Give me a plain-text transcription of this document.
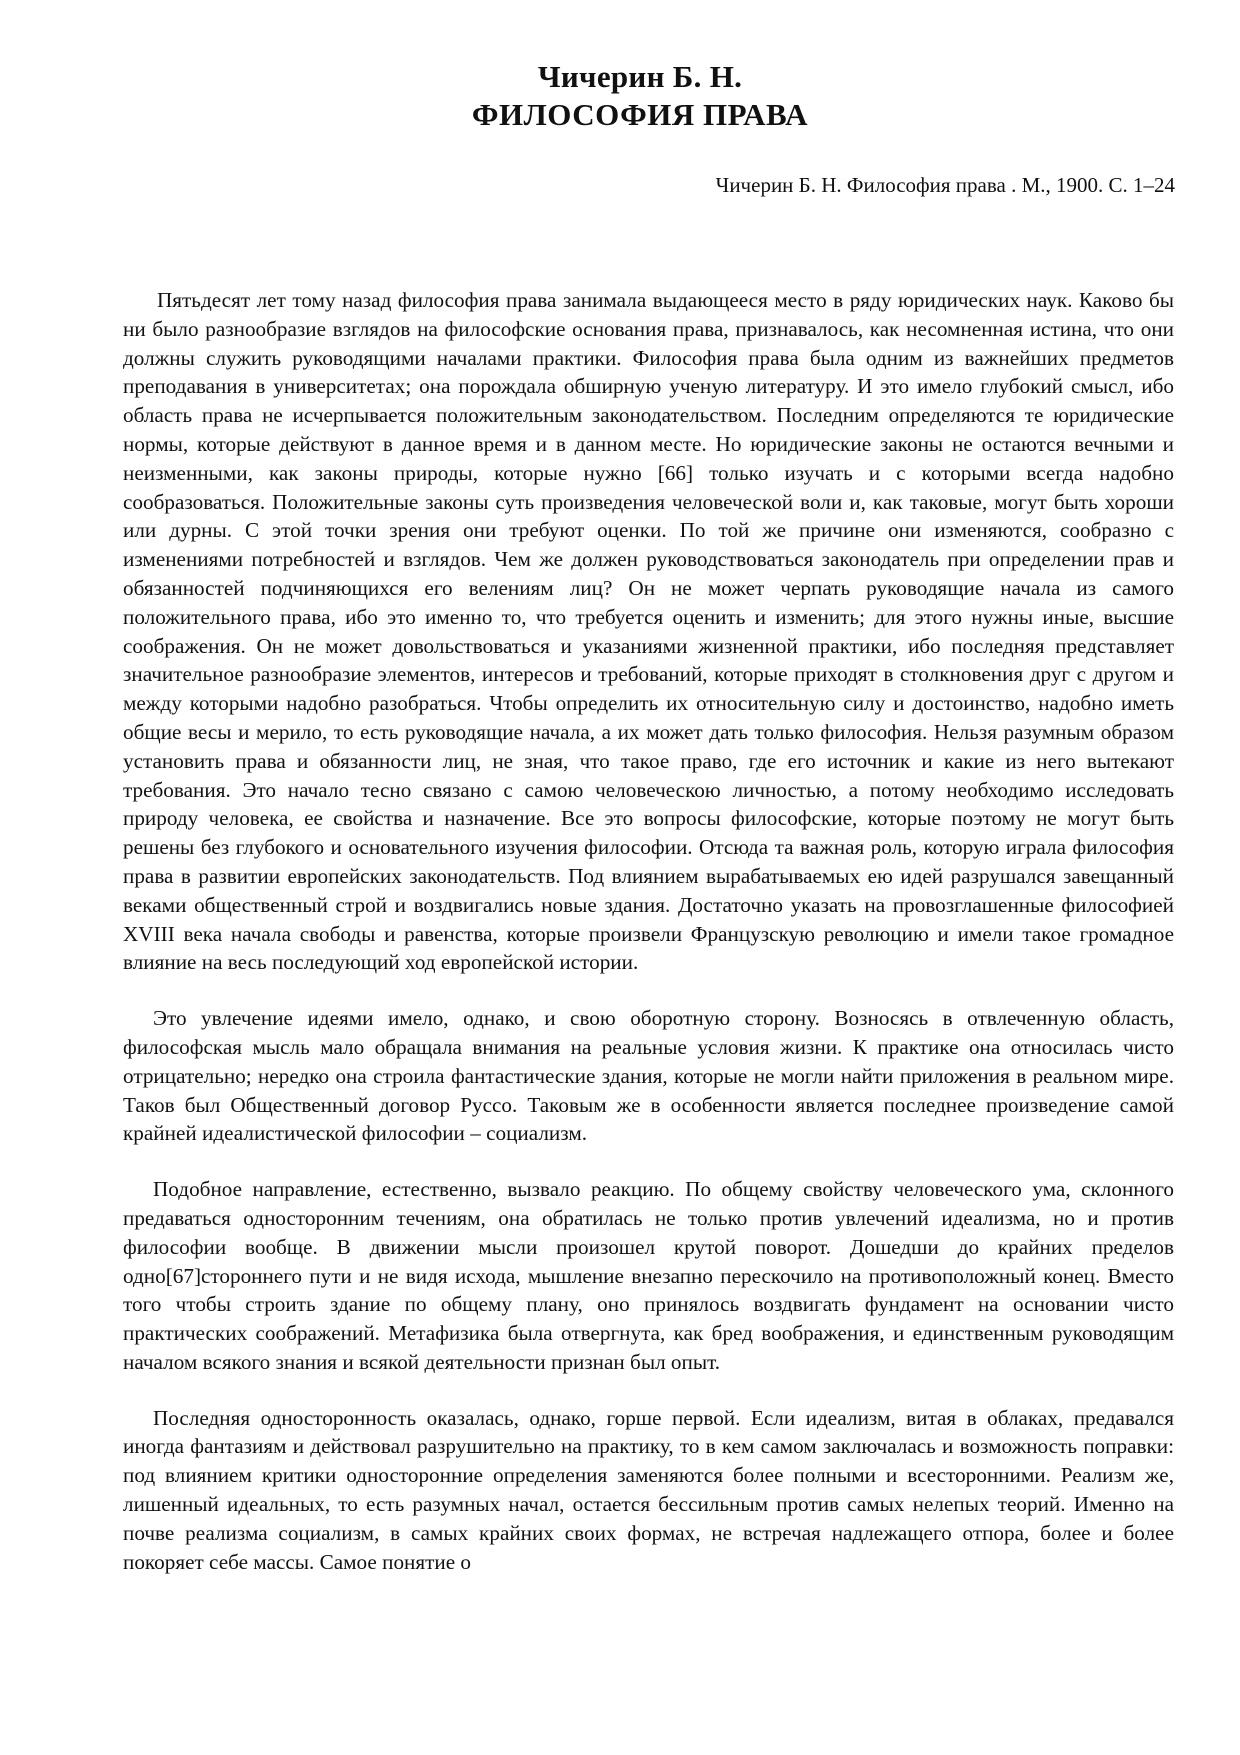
Чичерин Б. Н.
ФИЛОСОФИЯ ПРАВА
Чичерин Б. Н. Философия права . М., 1900. С. 1–24

Пятьдесят лет тому назад философия права занимала выдающееся место в ряду юридических наук. Каково бы ни было разнообразие взглядов на философские основания права, признавалось, как несомненная истина, что они должны служить руководящими началами практики. Философия права была одним из важнейших предметов преподавания в университетах; она порождала обширную ученую литературу. И это имело глубокий смысл, ибо область права не исчерпывается положительным законодательством. Последним определяются те юридические нормы, которые действуют в данное время и в данном месте. Но юридические законы не остаются вечными и неизменными, как законы природы, которые нужно [66] только изучать и с которыми всегда надобно сообразоваться. Положительные законы суть произведения человеческой воли и, как таковые, могут быть хороши или дурны. С этой точки зрения они требуют оценки. По той же причине они изменяются, сообразно с изменениями потребностей и взглядов. Чем же должен руководствоваться законодатель при определении прав и обязанностей подчиняющихся его велениям лиц? Он не может черпать руководящие начала из самого положительного права, ибо это именно то, что требуется оценить и изменить; для этого нужны иные, высшие соображения. Он не может довольствоваться и указаниями жизненной практики, ибо последняя представляет значительное разнообразие элементов, интересов и требований, которые приходят в столкновения друг с другом и между которыми надобно разобраться. Чтобы определить их относительную силу и достоинство, надобно иметь общие весы и мерило, то есть руководящие начала, а их может дать только философия. Нельзя разумным образом установить права и обязанности лиц, не зная, что такое право, где его источник и какие из него вытекают требования. Это начало тесно связано с самою человеческою личностью, а потому необходимо исследовать природу человека, ее свойства и назначение. Все это вопросы философские, которые поэтому не могут быть решены без глубокого и основательного изучения философии. Отсюда та важная роль, которую играла философия права в развитии европейских законодательств. Под влиянием вырабатываемых ею идей разрушался завещанный веками общественный строй и воздвигались новые здания. Достаточно указать на провозглашенные философией XVIII века начала свободы и равенства, которые произвели Французскую революцию и имели такое громадное влияние на весь последующий ход европейской истории.

Это увлечение идеями имело, однако, и свою оборотную сторону. Возносясь в отвлеченную область, философская мысль мало обращала внимания на реальные условия жизни. К практике она относилась чисто отрицательно; нередко она строила фантастические здания, которые не могли найти приложения в реальном мире. Таков был Общественный договор Руссо. Таковым же в особенности является последнее произведение самой крайней идеалистической философии – социализм.

Подобное направление, естественно, вызвало реакцию. По общему свойству человеческого ума, склонного предаваться односторонним течениям, она обратилась не только против увлечений идеализма, но и против философии вообще. В движении мысли произошел крутой поворот. Дошедши до крайних пределов одно[67]стороннего пути и не видя исхода, мышление внезапно перескочило на противоположный конец. Вместо того чтобы строить здание по общему плану, оно принялось воздвигать фундамент на основании чисто практических соображений. Метафизика была отвергнута, как бред воображения, и единственным руководящим началом всякого знания и всякой деятельности признан был опыт.

Последняя односторонность оказалась, однако, горше первой. Если идеализм, витая в облаках, предавался иногда фантазиям и действовал разрушительно на практику, то в кем самом заключалась и возможность поправки: под влиянием критики односторонние определения заменяются более полными и всесторонними. Реализм же, лишенный идеальных, то есть разумных начал, остается бессильным против самых нелепых теорий. Именно на почве реализма социализм, в самых крайних своих формах, не встречая надлежащего отпора, более и более покоряет себе массы. Самое понятие о
